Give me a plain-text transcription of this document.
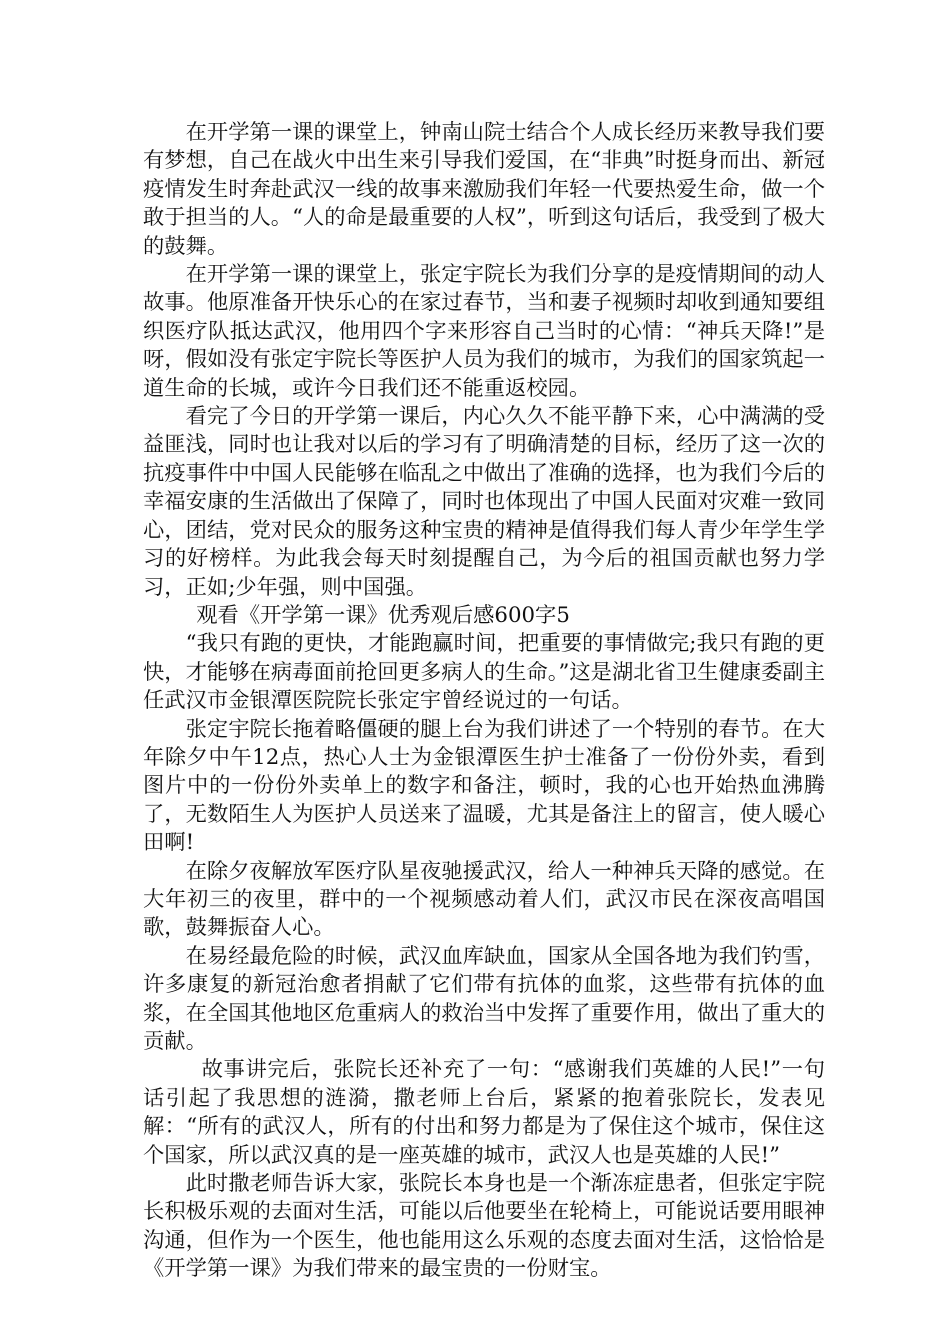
在开学第一课的课堂上，钟南山院士结合个人成长经历来教导我们要有梦想，自己在战火中出生来引导我们爱国，在“非典”时挺身而出、新冠疫情发生时奔赴武汉一线的故事来激励我们年轻一代要热爱生命，做一个敢于担当的人。“人的命是最重要的人权”，听到这句话后，我受到了极大的鼓舞。

在开学第一课的课堂上，张定宇院长为我们分享的是疫情期间的动人故事。他原准备开快乐心的在家过春节，当和妻子视频时却收到通知要组织医疗队抵达武汉，他用四个字来形容自己当时的心情：“神兵天降!”是呀，假如没有张定宇院长等医护人员为我们的城市，为我们的国家筑起一道生命的长城，或许今日我们还不能重返校园。

看完了今日的开学第一课后，内心久久不能平静下来，心中满满的受益匪浅，同时也让我对以后的学习有了明确清楚的目标，经历了这一次的抗疫事件中中国人民能够在临乱之中做出了准确的选择，也为我们今后的幸福安康的生活做出了保障了，同时也体现出了中国人民面对灾难一致同心，团结，党对民众的服务这种宝贵的精神是值得我们每人青少年学生学习的好榜样。为此我会每天时刻提醒自己，为今后的祖国贡献也努力学习，正如;少年强，则中国强。

观看《开学第一课》优秀观后感600字5

“我只有跑的更快，才能跑赢时间，把重要的事情做完;我只有跑的更快，才能够在病毒面前抢回更多病人的生命。”这是湖北省卫生健康委副主任武汉市金银潭医院院长张定宇曾经说过的一句话。

张定宇院长拖着略僵硬的腿上台为我们讲述了一个特别的春节。在大年除夕中午12点，热心人士为金银潭医生护士准备了一份份外卖，看到图片中的一份份外卖单上的数字和备注，顿时，我的心也开始热血沸腾了，无数陌生人为医护人员送来了温暖，尤其是备注上的留言，使人暖心田啊!

在除夕夜解放军医疗队星夜驰援武汉，给人一种神兵天降的感觉。在大年初三的夜里，群中的一个视频感动着人们，武汉市民在深夜高唱国歌，鼓舞振奋人心。

在易经最危险的时候，武汉血库缺血，国家从全国各地为我们钓雪，许多康复的新冠治愈者捐献了它们带有抗体的血浆，这些带有抗体的血浆，在全国其他地区危重病人的救治当中发挥了重要作用，做出了重大的贡献。

故事讲完后，张院长还补充了一句：“感谢我们英雄的人民!”一句话引起了我思想的涟漪，撒老师上台后，紧紧的抱着张院长，发表见解：“所有的武汉人，所有的付出和努力都是为了保住这个城市，保住这个国家，所以武汉真的是一座英雄的城市，武汉人也是英雄的人民!”

此时撒老师告诉大家，张院长本身也是一个渐冻症患者，但张定宇院长积极乐观的去面对生活，可能以后他要坐在轮椅上，可能说话要用眼神沟通，但作为一个医生，他也能用这么乐观的态度去面对生活，这恰恰是《开学第一课》为我们带来的最宝贵的一份财宝。
